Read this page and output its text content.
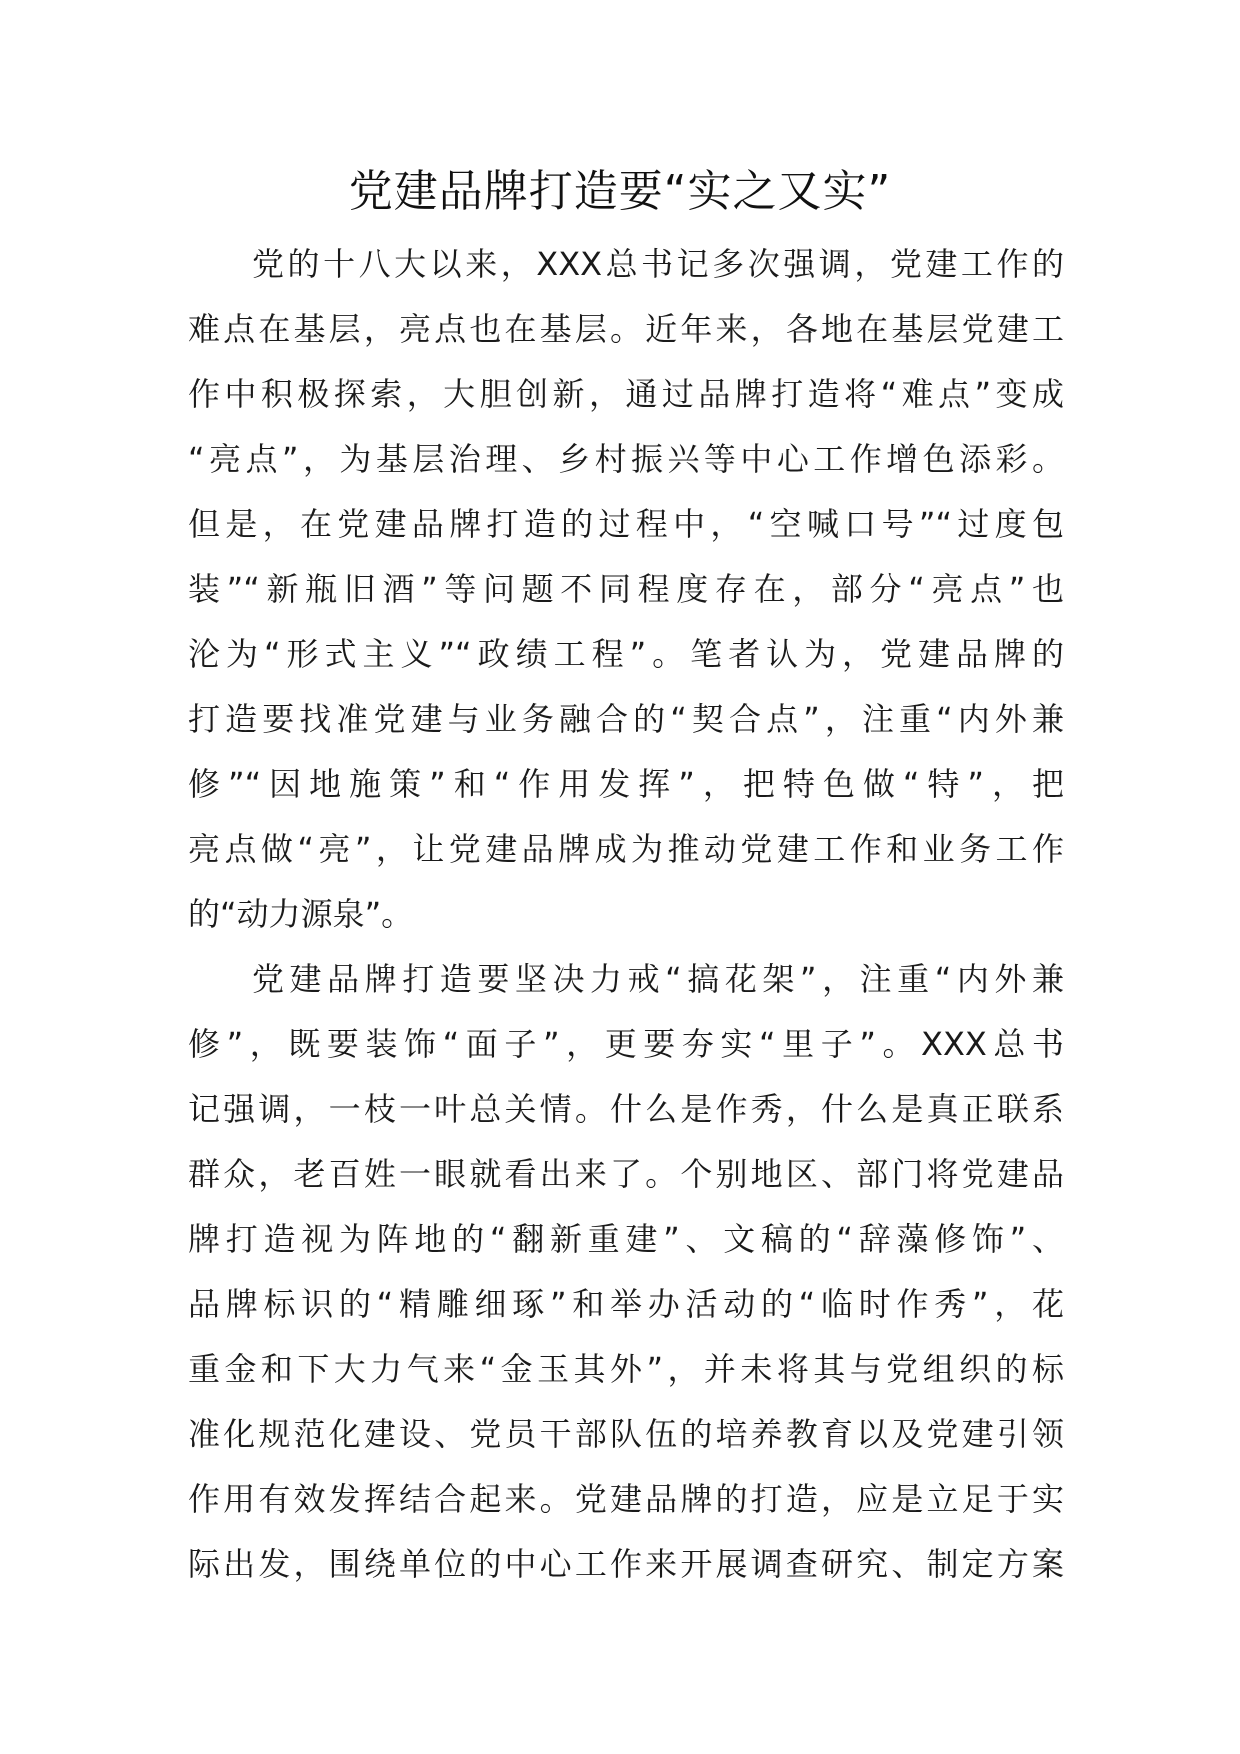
党建品牌打造要“实之又实”
党的十八大以来，XXX总书记多次强调，党建工作的
难点在基层，亮点也在基层。近年来，各地在基层党建工
作中积极探索，大胆创新，通过品牌打造将“难点”变成
“亮点”，为基层治理、乡村振兴等中心工作增色添彩。
但是，在党建品牌打造的过程中，“空喊口号”“过度包
装”“新瓶旧酒”等问题不同程度存在，部分“亮点”也
沦为“形式主义”“政绩工程”。笔者认为，党建品牌的
打造要找准党建与业务融合的“契合点”，注重“内外兼
修”“因地施策”和“作用发挥”，把特色做“特”，把
亮点做“亮”，让党建品牌成为推动党建工作和业务工作
的“动力源泉”。
党建品牌打造要坚决力戒“搞花架”，注重“内外兼
修”，既要装饰“面子”，更要夯实“里子”。XXX总书
记强调，一枝一叶总关情。什么是作秀，什么是真正联系
群众，老百姓一眼就看出来了。个别地区、部门将党建品
牌打造视为阵地的“翻新重建”、文稿的“辞藻修饰”、
品牌标识的“精雕细琢”和举办活动的“临时作秀”，花
重金和下大力气来“金玉其外”，并未将其与党组织的标
准化规范化建设、党员干部队伍的培养教育以及党建引领
作用有效发挥结合起来。党建品牌的打造，应是立足于实
际出发，围绕单位的中心工作来开展调查研究、制定方案
